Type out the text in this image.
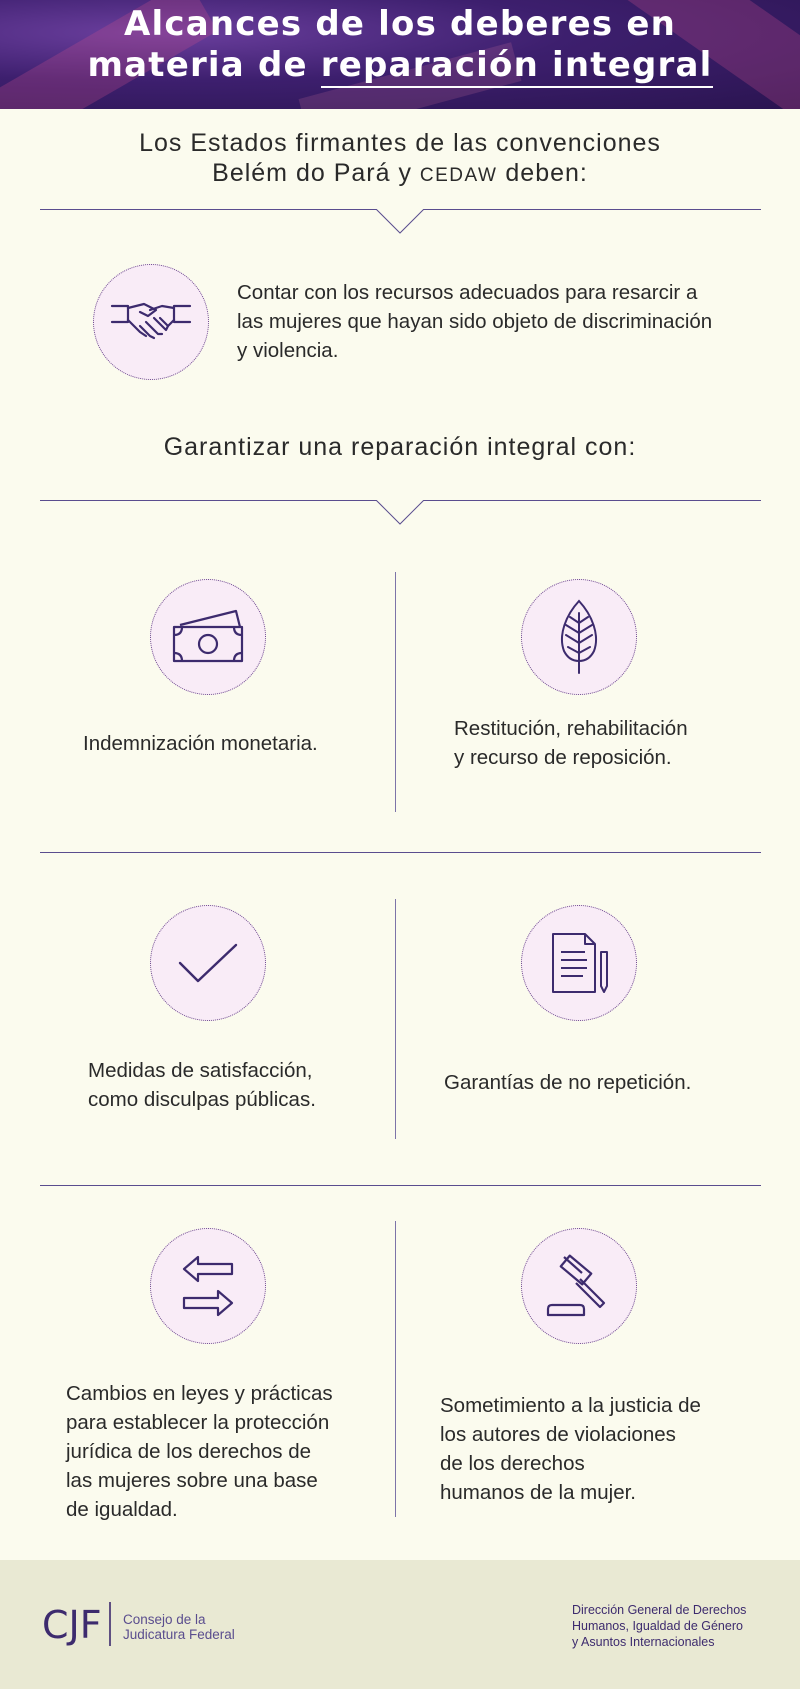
Alcances de los deberes en
materia de reparación integral
Los Estados firmantes de las convenciones
Belém do Pará y CEDAW deben:
Contar con los recursos adecuados para resarcir a
las mujeres que hayan sido objeto de discriminación
y violencia.
Garantizar una reparación integral con:
Indemnización monetaria.
Restitución, rehabilitación
y recurso de reposición.
Medidas de satisfacción,
como disculpas públicas.
Garantías de no repetición.
Cambios en leyes y prácticas
para establecer la protección
jurídica de los derechos de
las mujeres sobre una base
de igualdad.
Sometimiento a la justicia de
los autores de violaciones
de los derechos
humanos de la mujer.
CJF Consejo de la
Judicatura Federal
Dirección General de Derechos
Humanos, Igualdad de Género
y Asuntos Internacionales
